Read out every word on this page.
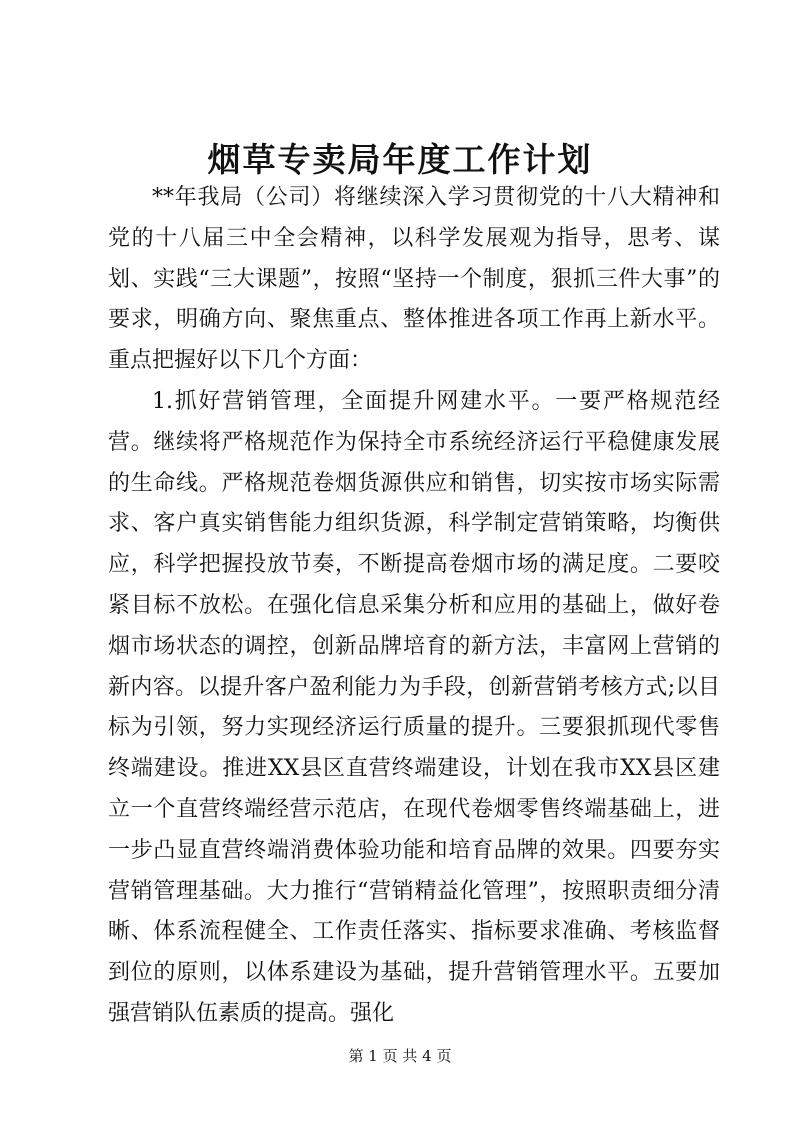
烟草专卖局年度工作计划

**年我局（公司）将继续深入学习贯彻党的十八大精神和党的十八届三中全会精神，以科学发展观为指导，思考、谋划、实践“三大课题”，按照“坚持一个制度，狠抓三件大事”的要求，明确方向、聚焦重点、整体推进各项工作再上新水平。重点把握好以下几个方面：

1.抓好营销管理，全面提升网建水平。一要严格规范经营。继续将严格规范作为保持全市系统经济运行平稳健康发展的生命线。严格规范卷烟货源供应和销售，切实按市场实际需求、客户真实销售能力组织货源，科学制定营销策略，均衡供应，科学把握投放节奏，不断提高卷烟市场的满足度。二要咬紧目标不放松。在强化信息采集分析和应用的基础上，做好卷烟市场状态的调控，创新品牌培育的新方法，丰富网上营销的新内容。以提升客户盈利能力为手段，创新营销考核方式;以目标为引领，努力实现经济运行质量的提升。三要狠抓现代零售终端建设。推进XX县区直营终端建设，计划在我市XX县区建立一个直营终端经营示范店，在现代卷烟零售终端基础上，进一步凸显直营终端消费体验功能和培育品牌的效果。四要夯实营销管理基础。大力推行“营销精益化管理”，按照职责细分清晰、体系流程健全、工作责任落实、指标要求准确、考核监督到位的原则，以体系建设为基础，提升营销管理水平。五要加强营销队伍素质的提高。强化

第 1 页 共 4 页
